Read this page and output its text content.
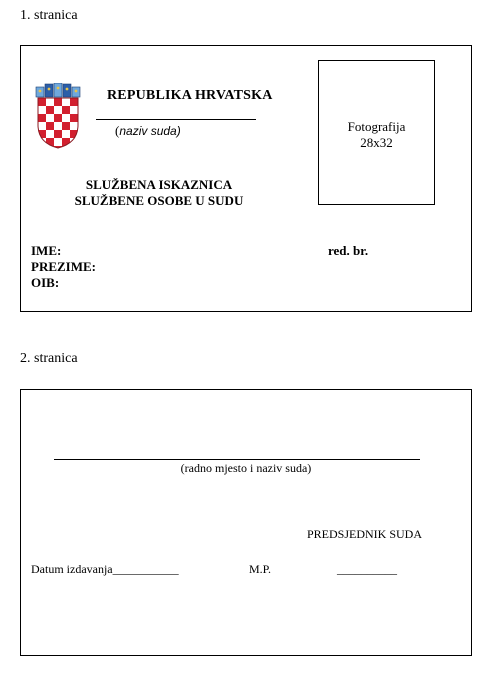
1. stranica
REPUBLIKA HRVATSKA
(naziv suda)	Fotografija
28x32
SLUŽBENA ISKAZNICA
SLUŽBENE OSOBE U SUDU
IME:
PREZIME:
OIB:
red. br.
2. stranica
(radno mjesto i naziv suda)
PREDSJEDNIK SUDA
Datum izdavanja___________	M.P.	__________
